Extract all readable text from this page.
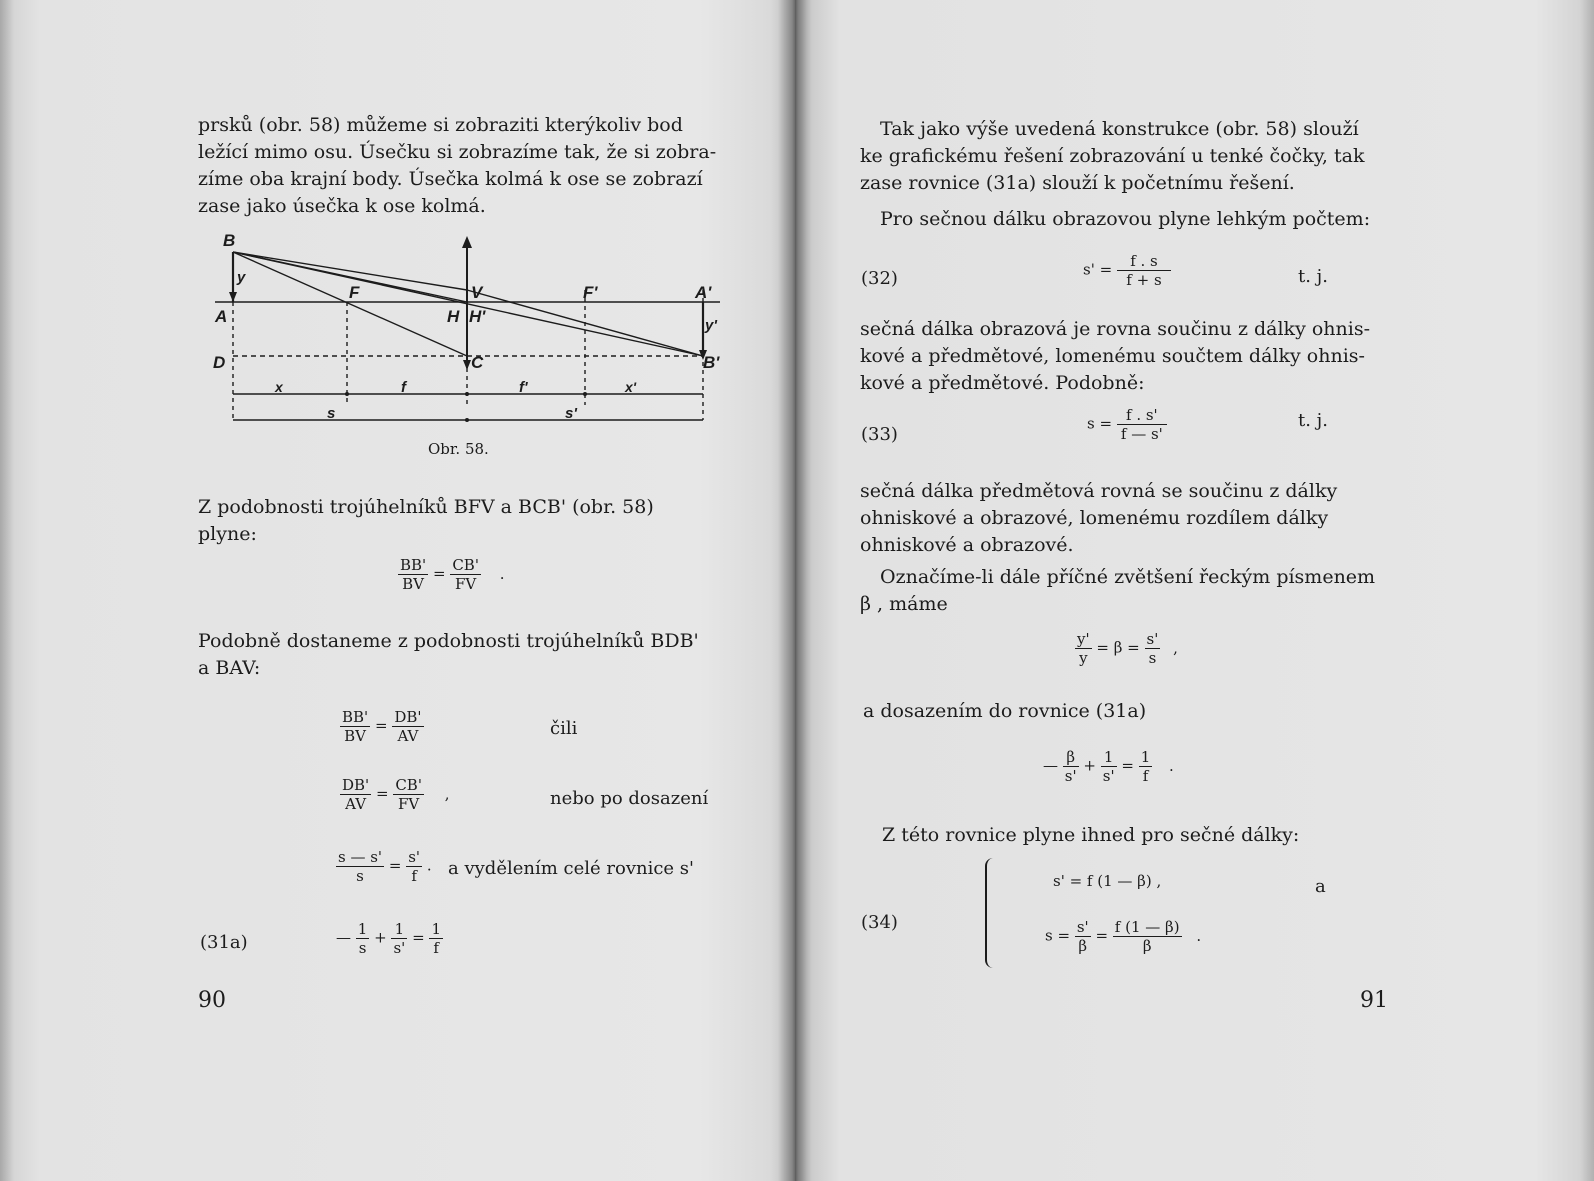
prsků (obr. 58) můžeme si zobraziti kterýkoliv bod

ležící mimo osu. Úsečku si zobrazíme tak, že si zobra-

zíme oba krajní body. Úsečka kolmá k ose se zobrazí

zase jako úsečka k ose kolmá.

B
y
A
D
F	V
H H'
C
F'	A'
y'
B'
x	f	f'	x'
s	s'
Obr. 58.

Z podobnosti trojúhelníků BFV a BCB' (obr. 58)

plyne:

$\frac{BB'}{BV} = \frac{CB'}{FV}$ .

Podobně dostaneme z podobnosti trojúhelníků BDB'

a BAV:

$\frac{BB'}{BV} = \frac{DB'}{AV}$	čili
$\frac{DB'}{AV} = \frac{CB'}{FV}$ ,	nebo po dosazení
$\frac{s — s'}{s} = \frac{s'}{f}$ . a vydělením celé rovnice s'
(31a)	— $\frac{1}{s} + \frac{1}{s'} = \frac{1}{f}$
90

Tak jako výše uvedená konstrukce (obr. 58) slouží

ke grafickému řešení zobrazování u tenké čočky, tak

zase rovnice (31a) slouží k početnímu řešení.

Pro sečnou dálku obrazovou plyne lehkým počtem:
(32)	$s' = \frac{f . s}{f + s}$	t. j.

sečná dálka obrazová je rovna součinu z dálky ohnis-

kové a předmětové, lomenému součtem dálky ohnis-

kové a předmětové. Podobně:

(33)
$s = \frac{f . s'}{f — s'}$	t. j.

sečná dálka předmětová rovná se součinu z dálky

ohniskové a obrazové, lomenému rozdílem dálky

ohniskové a obrazové.

Označíme-li dále příčné zvětšení řeckým písmenem

β , máme

$\frac{y'}{y} = \beta = \frac{s'}{s}$ ,
a dosazením do rovnice (31a)
— $\frac{\beta}{s'} + \frac{1}{s'} = \frac{1}{f}$ .
Z této rovnice plyne ihned pro sečné dálky:
(34)
s' = f (1 — β) ,	a
$s = \frac{s'}{\beta} = \frac{f (1 — \beta)}{\beta}$ .
91
